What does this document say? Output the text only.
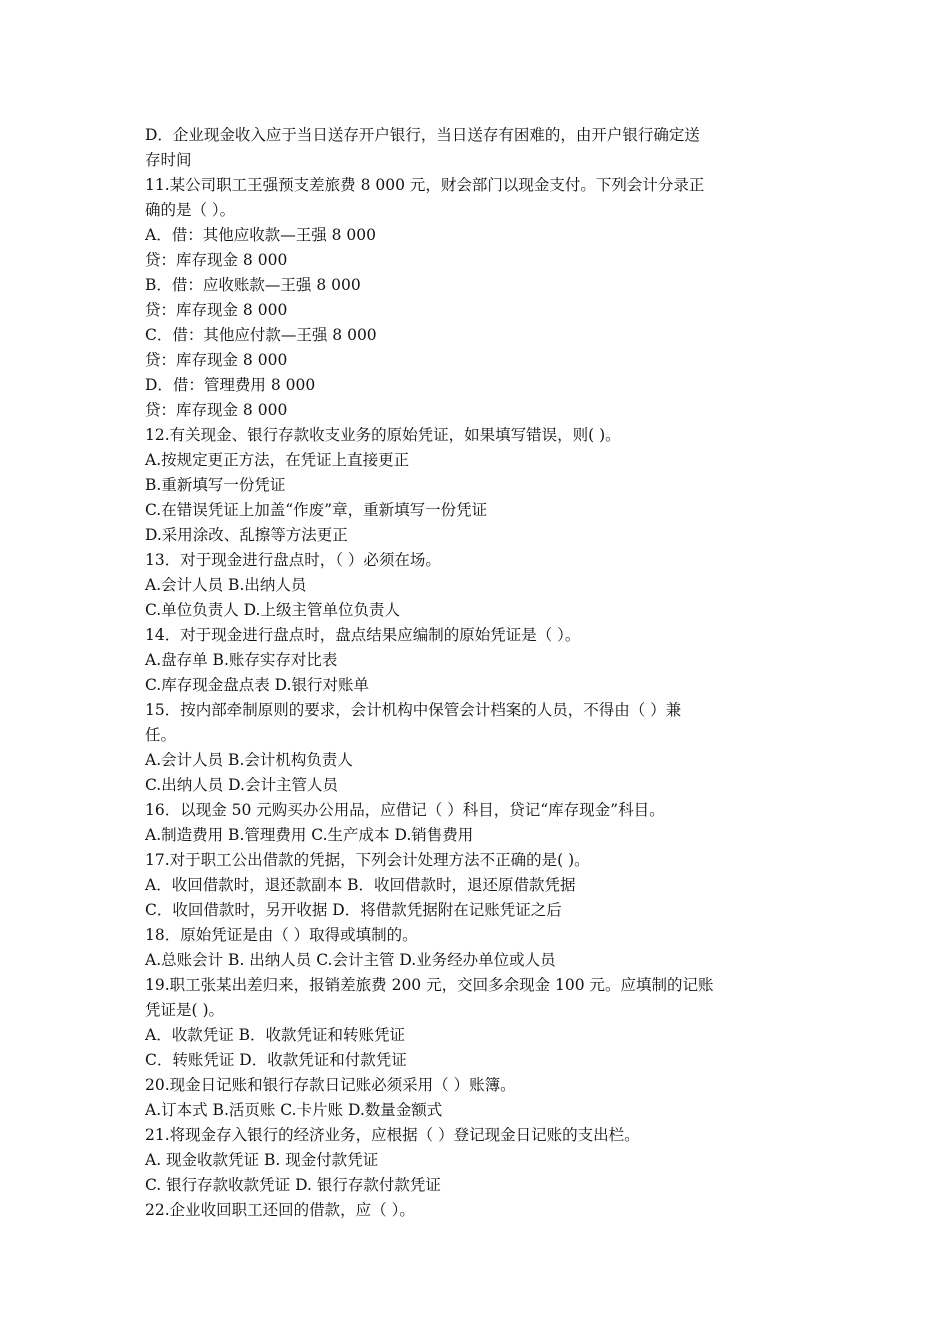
D．企业现金收入应于当日送存开户银行，当日送存有困难的，由开户银行确定送
存时间
11.某公司职工王强预支差旅费 8 000 元，财会部门以现金支付。下列会计分录正
确的是（ ）。
A．借：其他应收款—王强 8 000
贷：库存现金 8 000
B．借：应收账款—王强 8 000
贷：库存现金 8 000
C．借：其他应付款—王强 8 000
贷：库存现金 8 000
D．借：管理费用 8 000
贷：库存现金 8 000
12.有关现金、银行存款收支业务的原始凭证，如果填写错误，则( )。
A.按规定更正方法，在凭证上直接更正
B.重新填写一份凭证
C.在错误凭证上加盖“作废”章，重新填写一份凭证
D.采用涂改、乱擦等方法更正
13．对于现金进行盘点时，（ ）必须在场。
A.会计人员 B.出纳人员
C.单位负责人 D.上级主管单位负责人
14．对于现金进行盘点时，盘点结果应编制的原始凭证是（ ）。
A.盘存单 B.账存实存对比表
C.库存现金盘点表 D.银行对账单
15．按内部牵制原则的要求，会计机构中保管会计档案的人员，不得由（ ）兼
任。
A.会计人员 B.会计机构负责人
C.出纳人员 D.会计主管人员
16．以现金 50 元购买办公用品，应借记（ ）科目，贷记“库存现金”科目。
A.制造费用 B.管理费用 C.生产成本 D.销售费用
17.对于职工公出借款的凭据，下列会计处理方法不正确的是( )。
A．收回借款时，退还款副本 B．收回借款时，退还原借款凭据
C．收回借款时，另开收据 D．将借款凭据附在记账凭证之后
18．原始凭证是由（ ）取得或填制的。
A.总账会计 B. 出纳人员 C.会计主管 D.业务经办单位或人员
19.职工张某出差归来，报销差旅费 200 元，交回多余现金 100 元。应填制的记账
凭证是( )。
A．收款凭证 B．收款凭证和转账凭证
C．转账凭证 D．收款凭证和付款凭证
20.现金日记账和银行存款日记账必须采用（ ）账簿。
A.订本式 B.活页账 C.卡片账 D.数量金额式
21.将现金存入银行的经济业务，应根据（ ）登记现金日记账的支出栏。
A. 现金收款凭证 B. 现金付款凭证
C. 银行存款收款凭证 D. 银行存款付款凭证
22.企业收回职工还回的借款，应（ ）。
